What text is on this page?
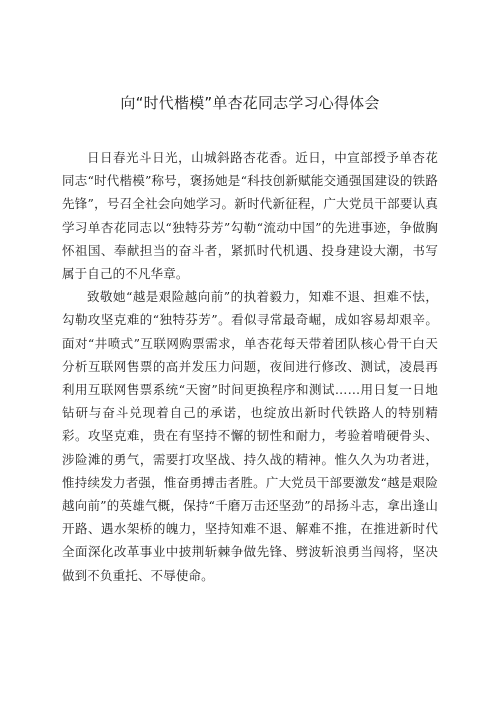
向“时代楷模”单杏花同志学习心得体会

日日春光斗日光，山城斜路杏花香。近日，中宣部授予单杏花同志“时代楷模”称号，褒扬她是“科技创新赋能交通强国建设的铁路先锋”，号召全社会向她学习。新时代新征程，广大党员干部要认真学习单杏花同志以“独特芬芳”勾勒“流动中国”的先进事迹，争做胸怀祖国、奉献担当的奋斗者，紧抓时代机遇、投身建设大潮，书写属于自己的不凡华章。

致敬她“越是艰险越向前”的执着毅力，知难不退、担难不怯，勾勒攻坚克难的“独特芬芳”。看似寻常最奇崛，成如容易却艰辛。面对“井喷式”互联网购票需求，单杏花每天带着团队核心骨干白天分析互联网售票的高并发压力问题，夜间进行修改、测试，凌晨再利用互联网售票系统“天窗”时间更换程序和测试……用日复一日地钻研与奋斗兑现着自己的承诺，也绽放出新时代铁路人的特别精彩。攻坚克难，贵在有坚持不懈的韧性和耐力，考验着啃硬骨头、涉险滩的勇气，需要打攻坚战、持久战的精神。惟久久为功者进，惟持续发力者强，惟奋勇搏击者胜。广大党员干部要激发“越是艰险越向前”的英雄气概，保持“千磨万击还坚劲”的昂扬斗志，拿出逢山开路、遇水架桥的魄力，坚持知难不退、解难不推，在推进新时代全面深化改革事业中披荆斩棘争做先锋、劈波斩浪勇当闯将，坚决做到不负重托、不辱使命。
